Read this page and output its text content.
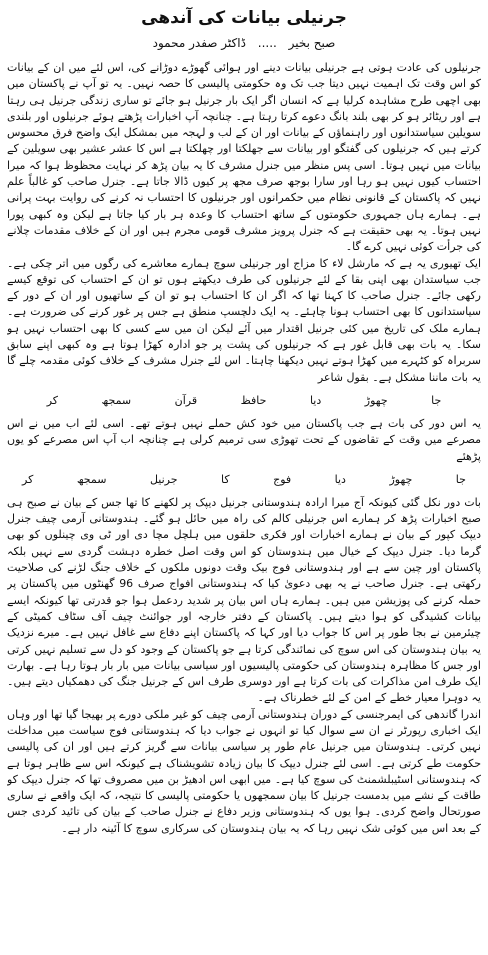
جرنیلی بیانات کی آندھی
صبح بخیر ..... ڈاکٹر صفدر محمود

جرنیلوں کی عادت ہوتی ہے جرنیلی بیانات دینے اور ہوائی گھوڑے دوڑانے کی، اس لئے میں ان کے بیانات کو اس وقت تک اہمیت نہیں دیتا جب تک وہ حکومتی پالیسی کا حصہ نہیں۔ یہ تو آپ نے پاکستان میں بھی اچھی طرح مشاہدہ کرلیا ہے کہ انسان اگر ایک بار جرنیل ہو جائے تو ساری زندگی جرنیل ہی رہتا ہے اور ریٹائر ہو کر بھی بلند بانگ دعوے کرتا رہتا ہے۔ چنانچہ آپ اخبارات پڑھتے ہوئے جرنیلوں اور بلندی سویلین سیاستدانوں اور راہنماؤں کے بیانات اور ان کے لب و لہجہ میں بمشکل ایک واضح فرق محسوس کرتے ہیں کہ جرنیلوں کی گفتگو اور بیانات سے جھلکتا اور چھلکتا ہے اس کا عشر عشیر بھی سویلین کے بیانات میں نہیں ہوتا۔ اسی پس منظر میں جنرل مشرف کا یہ بیان پڑھ کر نہایت محظوظ ہوا کہ میرا احتساب کیوں نہیں ہو رہا اور سارا بوجھ صرف مجھ پر کیوں ڈالا جاتا ہے۔ جنرل صاحب کو غالباً علم نہیں کہ پاکستان کے قانونی نظام میں حکمرانوں اور جرنیلوں کا احتساب نہ کرنے کی روایت بہت پرانی ہے۔ ہمارے ہاں جمہوری حکومتوں کے ساتھ احتساب کا وعدہ ہر بار کیا جاتا ہے لیکن وہ کبھی پورا نہیں ہوتا۔ یہ بھی حقیقت ہے کہ جنرل پرویز مشرف قومی مجرم ہیں اور ان کے خلاف مقدمات چلانے کی جرأت کوئی نہیں کرے گا۔

ایک تھیوری یہ ہے کہ مارشل لاء کا مزاج اور جرنیلی سوچ ہمارے معاشرے کی رگوں میں اتر چکی ہے۔ جب سیاستدان بھی اپنی بقا کے لئے جرنیلوں کی طرف دیکھتے ہوں تو ان کے احتساب کی توقع کیسے رکھی جائے۔ جنرل صاحب کا کہنا تھا کہ اگر ان کا احتساب ہو تو ان کے ساتھیوں اور ان کے دور کے سیاستدانوں کا بھی احتساب ہونا چاہئے۔ یہ ایک دلچسپ منطق ہے جس پر غور کرنے کی ضرورت ہے۔ ہمارے ملک کی تاریخ میں کئی جرنیل اقتدار میں آئے لیکن ان میں سے کسی کا بھی احتساب نہیں ہو سکا۔ یہ بات بھی قابل غور ہے کہ جرنیلوں کی پشت پر جو ادارہ کھڑا ہوتا ہے وہ کبھی اپنے سابق سربراہ کو کٹہرے میں کھڑا ہوتے نہیں دیکھنا چاہتا۔ اس لئے جنرل مشرف کے خلاف کوئی مقدمہ چلے گا یہ بات ماننا مشکل ہے۔ بقول شاعر

جا چھوڑ دیا حافظ قرآن سمجھ کر

یہ اس دور کی بات ہے جب پاکستان میں خود کش حملے نہیں ہوتے تھے۔ اسی لئے اب میں نے اس مصرعے میں وقت کے تقاضوں کے تحت تھوڑی سی ترمیم کرلی ہے چنانچہ اب آپ اس مصرعے کو یوں پڑھئے

جا چھوڑ دیا فوج کا جرنیل سمجھ کر

بات دور نکل گئی کیونکہ آج میرا ارادہ ہندوستانی جرنیل دیپک پر لکھنے کا تھا جس کے بیان نے صبح ہی صبح اخبارات پڑھ کر ہمارے اس جرنیلی کالم کی راہ میں حائل ہو گئے۔ ہندوستانی آرمی چیف جنرل دیپک کپور کے بیان نے ہمارے اخبارات اور فکری حلقوں میں ہلچل مچا دی اور ٹی وی چینلوں کو بھی گرما دیا۔ جنرل دیپک کے خیال میں ہندوستان کو اس وقت اصل خطرہ دہشت گردی سے نہیں بلکہ پاکستان اور چین سے ہے اور ہندوستانی فوج بیک وقت دونوں ملکوں کے خلاف جنگ لڑنے کی صلاحیت رکھتی ہے۔ جنرل صاحب نے یہ بھی دعویٰ کیا کہ ہندوستانی افواج صرف 96 گھنٹوں میں پاکستان پر حملہ کرنے کی پوزیشن میں ہیں۔ ہمارے ہاں اس بیان پر شدید ردعمل ہوا جو قدرتی تھا کیونکہ ایسے بیانات کشیدگی کو ہوا دیتے ہیں۔ پاکستان کے دفتر خارجہ اور جوائنٹ چیف آف سٹاف کمیٹی کے چیئرمین نے بجا طور پر اس کا جواب دیا اور کہا کہ پاکستان اپنے دفاع سے غافل نہیں ہے۔ میرے نزدیک یہ بیان ہندوستان کی اس سوچ کی نمائندگی کرتا ہے جو پاکستان کے وجود کو دل سے تسلیم نہیں کرتی اور جس کا مظاہرہ ہندوستان کی حکومتی پالیسیوں اور سیاسی بیانات میں بار بار ہوتا رہا ہے۔ بھارت ایک طرف امن مذاکرات کی بات کرتا ہے اور دوسری طرف اس کے جرنیل جنگ کی دھمکیاں دیتے ہیں۔ یہ دوہرا معیار خطے کے امن کے لئے خطرناک ہے۔

اندرا گاندھی کی ایمرجنسی کے دوران ہندوستانی آرمی چیف کو غیر ملکی دورے پر بھیجا گیا تھا اور وہاں ایک اخباری رپورٹر نے ان سے سوال کیا تو انہوں نے جواب دیا کہ ہندوستانی فوج سیاست میں مداخلت نہیں کرتی۔ ہندوستان میں جرنیل عام طور پر سیاسی بیانات سے گریز کرتے ہیں اور ان کی پالیسی حکومت طے کرتی ہے۔ اسی لئے جنرل دیپک کا بیان زیادہ تشویشناک ہے کیونکہ اس سے ظاہر ہوتا ہے کہ ہندوستانی اسٹیبلشمنٹ کی سوچ کیا ہے۔ میں ابھی اس ادھیڑ بن میں مصروف تھا کہ جنرل دیپک کو طاقت کے نشے میں بدمست جرنیل کا بیان سمجھوں یا حکومتی پالیسی کا نتیجہ، کہ ایک واقعے نے ساری صورتحال واضح کردی۔ ہوا یوں کہ ہندوستانی وزیر دفاع نے جنرل صاحب کے بیان کی تائید کردی جس کے بعد اس میں کوئی شک نہیں رہا کہ یہ بیان ہندوستان کی سرکاری سوچ کا آئینہ دار ہے۔
